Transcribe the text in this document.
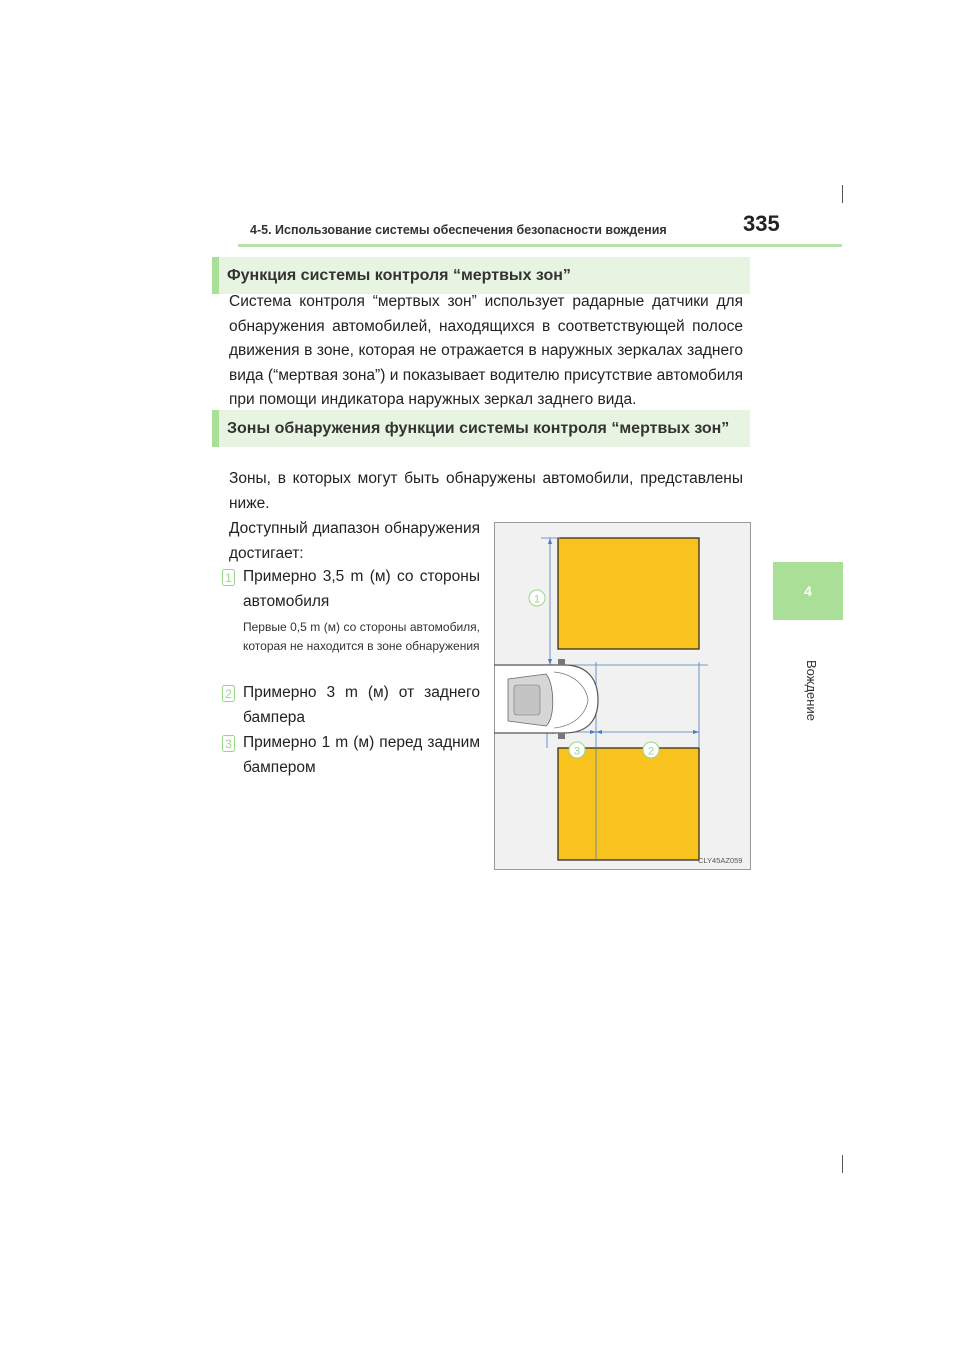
4-5. Использование системы обеспечения безопасности вождения	335
4
Вождение
Функция системы контроля “мертвых зон”
Система контроля “мертвых зон” использует радарные датчики для обнаружения автомобилей, находящихся в соответствующей полосе движения в зоне, которая не отражается в наружных зеркалах заднего вида (“мертвая зона”) и показывает водителю присутствие автомобиля при помощи индикатора наружных зеркал заднего вида.
Зоны обнаружения функции системы контроля “мертвых зон”
Зоны, в которых могут быть обнаружены автомобили, представлены ниже.
Доступный диапазон обнаружения достигает:
1 Примерно 3,5 m (м) со стороны автомобиля
Первые 0,5 m (м) со стороны автомобиля, которая не находится в зоне обнаружения
2 Примерно 3 m (м) от заднего бампера
3 Примерно 1 m (м) перед задним бампером
1
3	2
CLY45AZ059
